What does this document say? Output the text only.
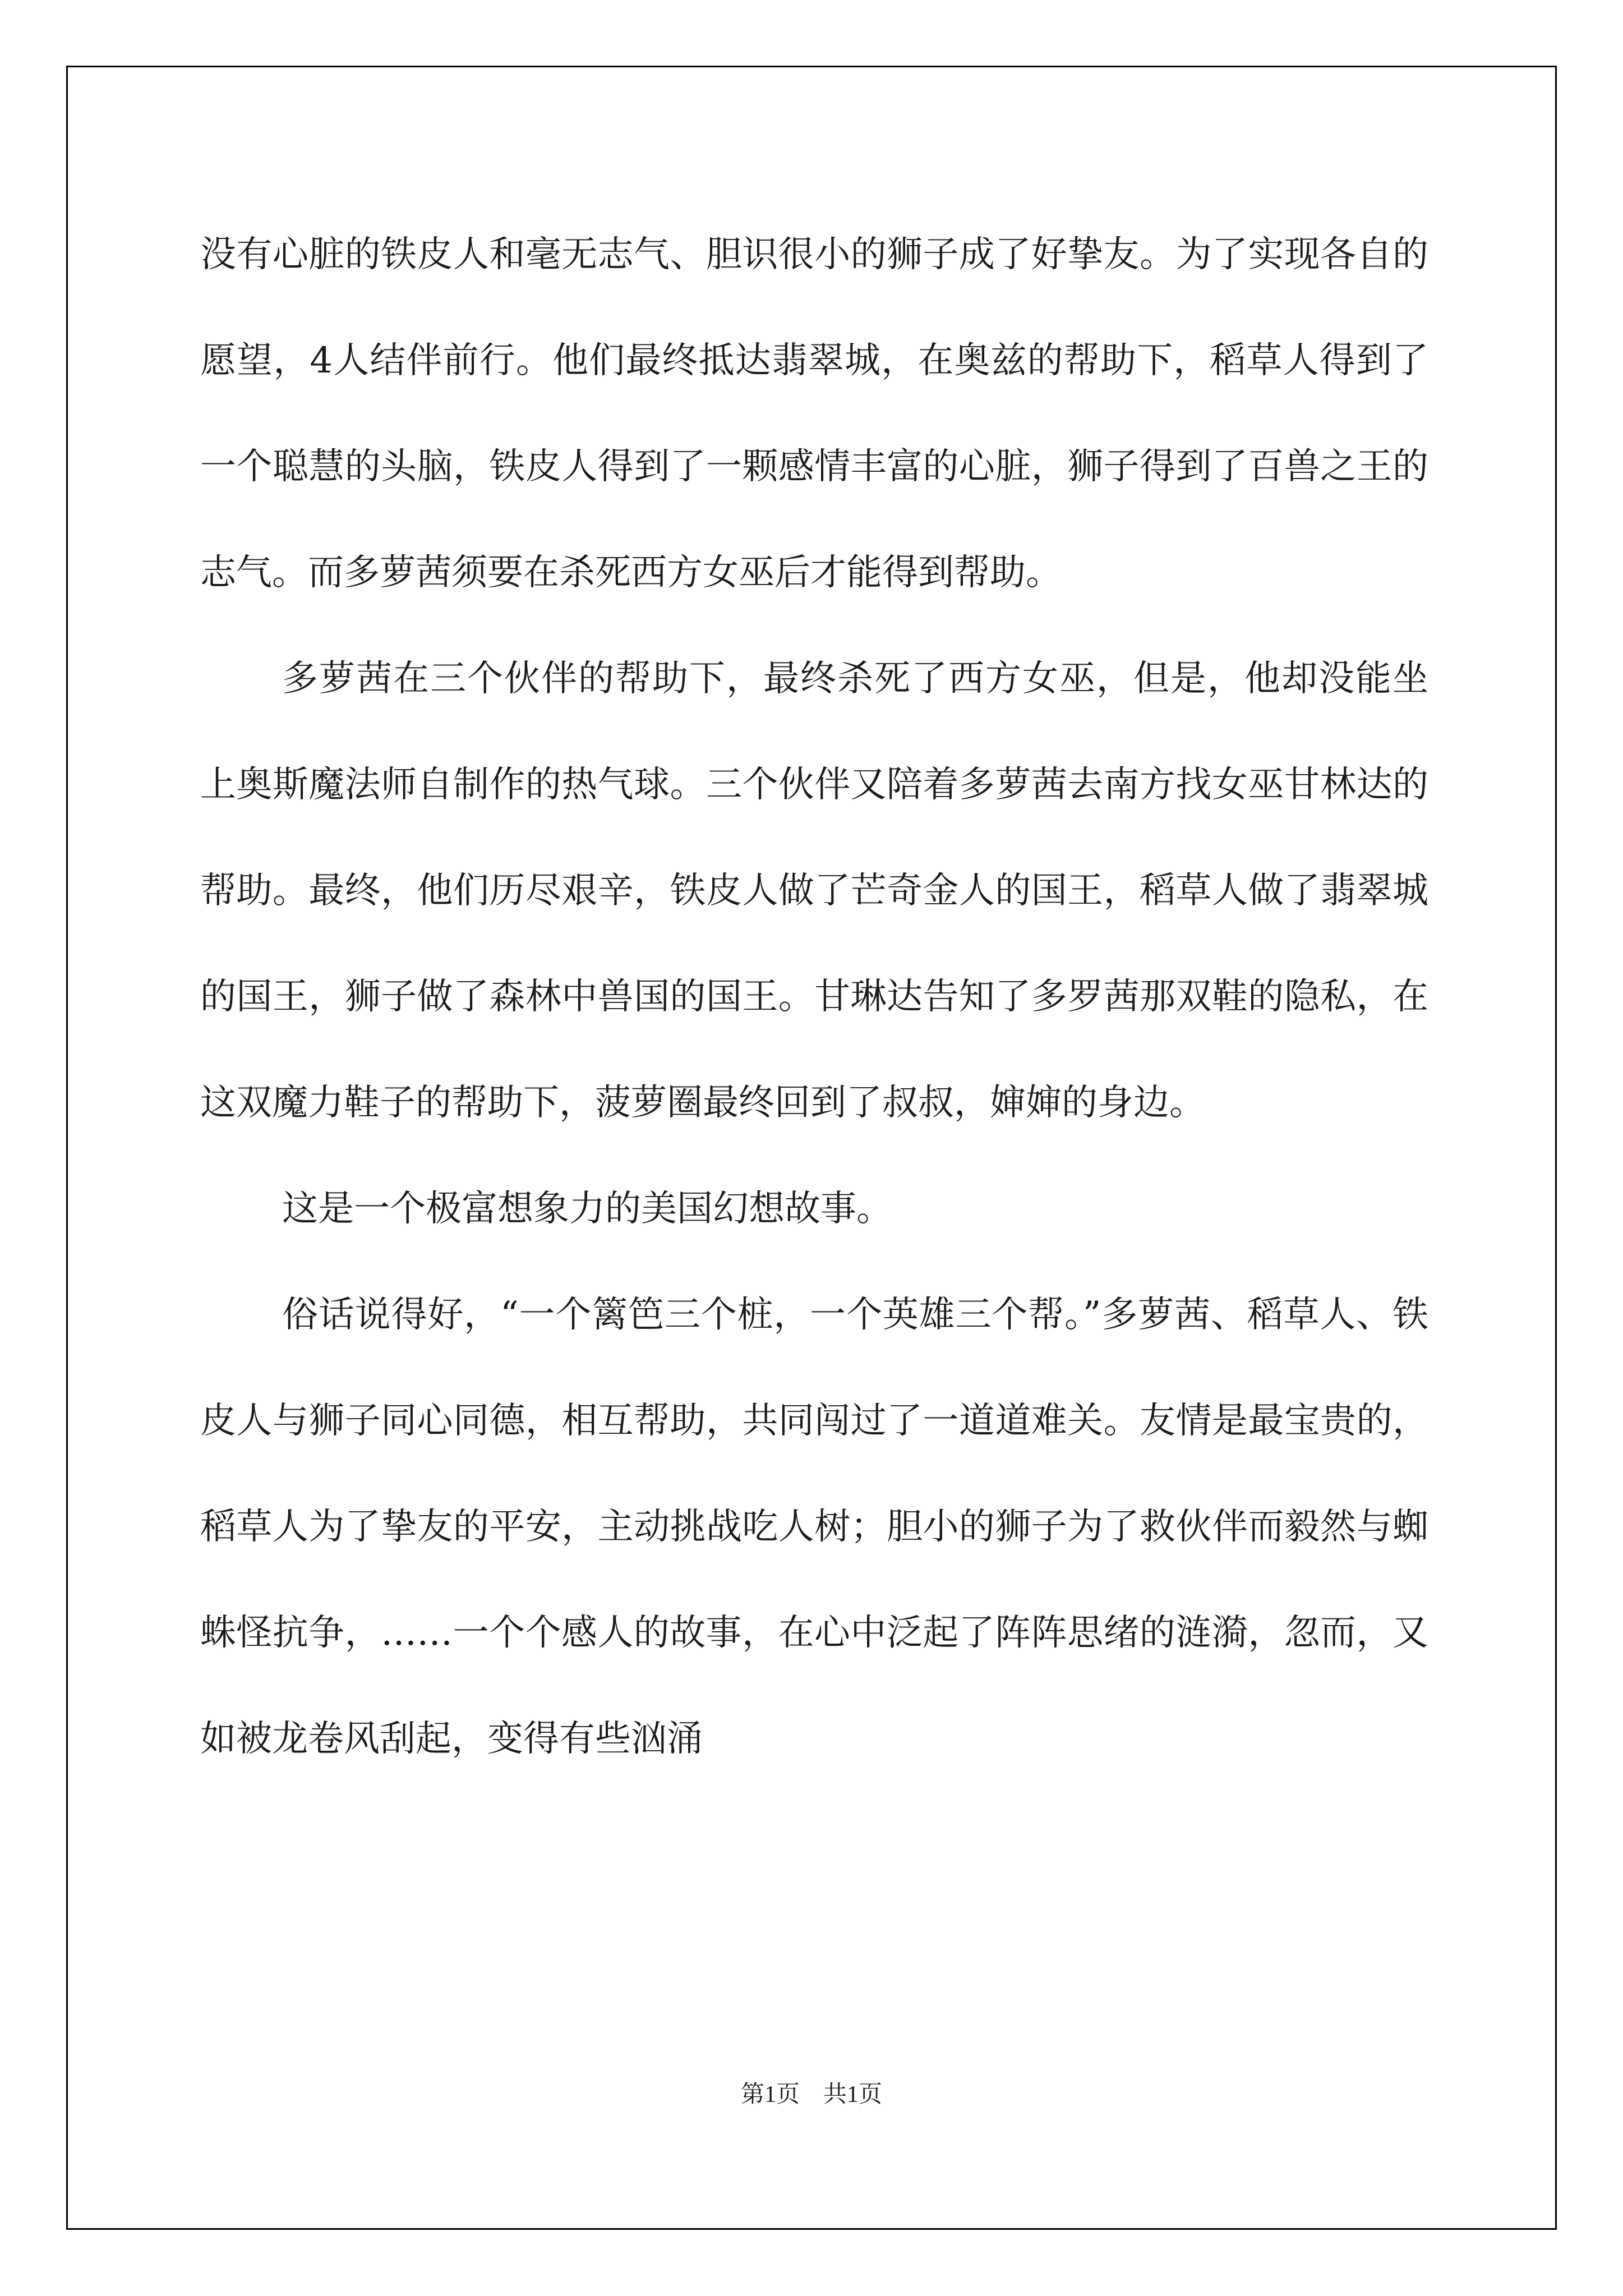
没有心脏的铁皮人和毫无志气、胆识很小的狮子成了好挚友。为了实现各自的愿望，4人结伴前行。他们最终抵达翡翠城，在奥兹的帮助下，稻草人得到了一个聪慧的头脑，铁皮人得到了一颗感情丰富的心脏，狮子得到了百兽之王的志气。而多萝茜须要在杀死西方女巫后才能得到帮助。

多萝茜在三个伙伴的帮助下，最终杀死了西方女巫，但是，他却没能坐上奥斯魔法师自制作的热气球。三个伙伴又陪着多萝茜去南方找女巫甘林达的帮助。最终，他们历尽艰辛，铁皮人做了芒奇金人的国王，稻草人做了翡翠城的国王，狮子做了森林中兽国的国王。甘琳达告知了多罗茜那双鞋的隐私，在这双魔力鞋子的帮助下，菠萝圈最终回到了叔叔，婶婶的身边。

这是一个极富想象力的美国幻想故事。

俗话说得好，“一个篱笆三个桩，一个英雄三个帮。”多萝茜、稻草人、铁皮人与狮子同心同德，相互帮助，共同闯过了一道道难关。友情是最宝贵的，稻草人为了挚友的平安，主动挑战吃人树；胆小的狮子为了救伙伴而毅然与蜘蛛怪抗争，……一个个感人的故事，在心中泛起了阵阵思绪的涟漪，忽而，又如被龙卷风刮起，变得有些汹涌

第1页　共1页
